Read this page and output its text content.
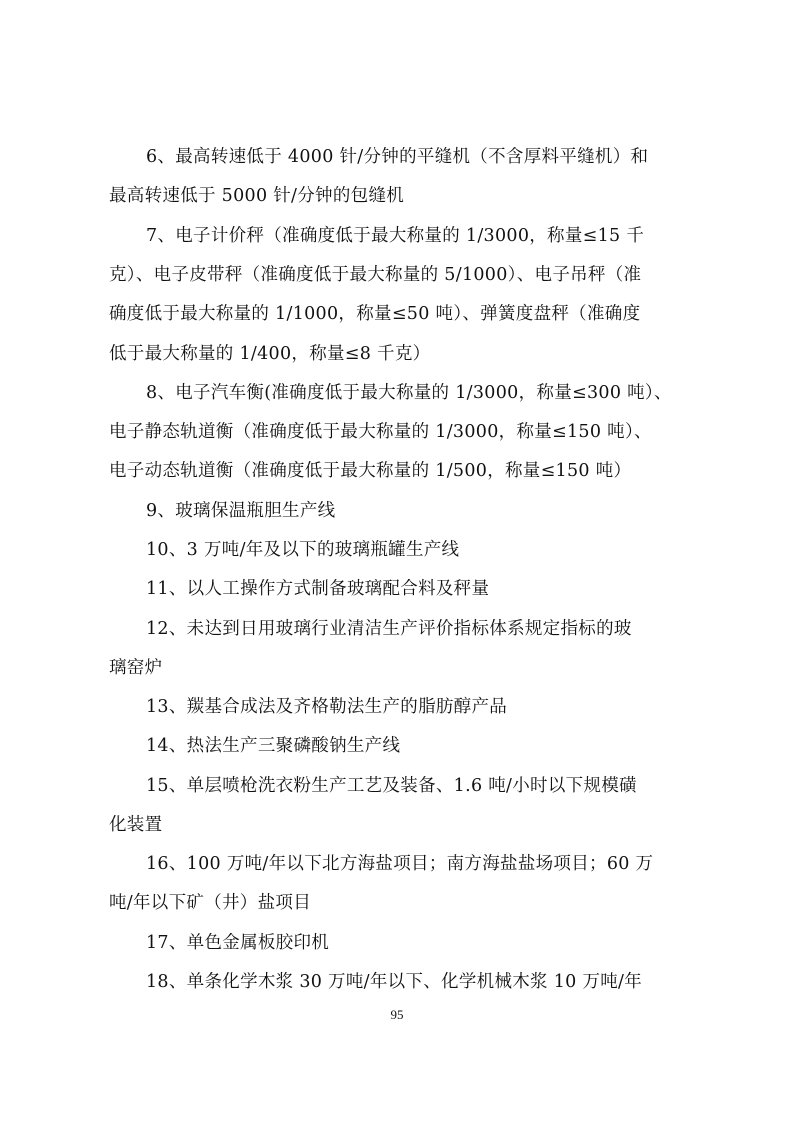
6、最高转速低于 4000 针/分钟的平缝机（不含厚料平缝机）和
最高转速低于 5000 针/分钟的包缝机
7、电子计价秤（准确度低于最大称量的 1/3000，称量≤15 千
克）、电子皮带秤（准确度低于最大称量的 5/1000）、电子吊秤（准
确度低于最大称量的 1/1000，称量≤50 吨）、弹簧度盘秤（准确度
低于最大称量的 1/400，称量≤8 千克）
8、电子汽车衡(准确度低于最大称量的 1/3000，称量≤300 吨）、
电子静态轨道衡（准确度低于最大称量的 1/3000，称量≤150 吨）、
电子动态轨道衡（准确度低于最大称量的 1/500，称量≤150 吨）
9、玻璃保温瓶胆生产线
10、3 万吨/年及以下的玻璃瓶罐生产线
11、以人工操作方式制备玻璃配合料及秤量
12、未达到日用玻璃行业清洁生产评价指标体系规定指标的玻
璃窑炉
13、羰基合成法及齐格勒法生产的脂肪醇产品
14、热法生产三聚磷酸钠生产线
15、单层喷枪洗衣粉生产工艺及装备、1.6 吨/小时以下规模磺
化装置
16、100 万吨/年以下北方海盐项目；南方海盐盐场项目；60 万
吨/年以下矿（井）盐项目
17、单色金属板胶印机
18、单条化学木浆 30 万吨/年以下、化学机械木浆 10 万吨/年
95
